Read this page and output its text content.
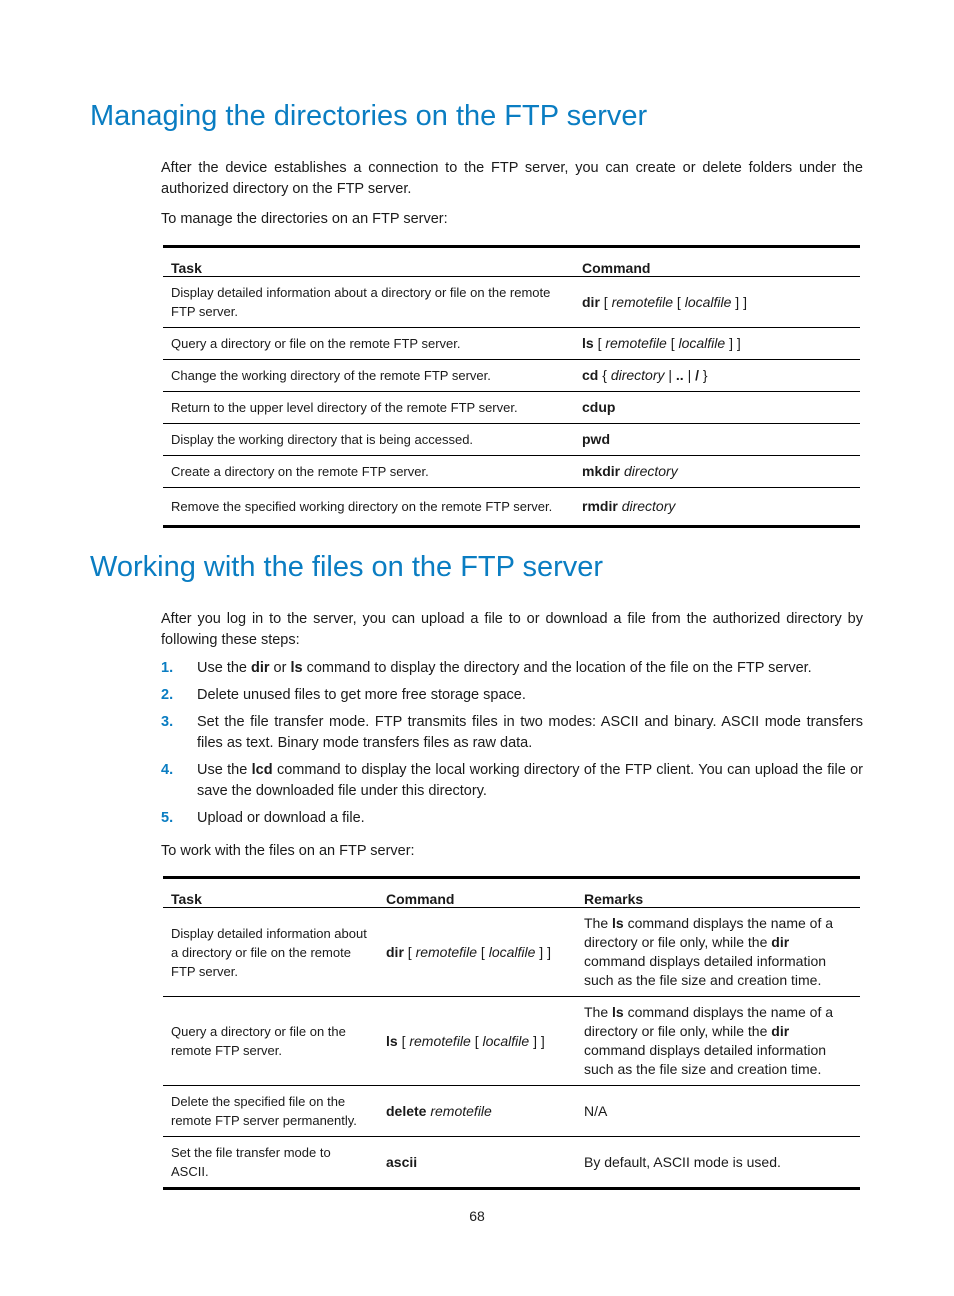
Managing the directories on the FTP server

After the device establishes a connection to the FTP server, you can create or delete folders under the authorized directory on the FTP server.

To manage the directories on an FTP server:

Task	Command
Display detailed information about a directory or file on the remote FTP server.	dir [ remotefile [ localfile ] ]
Query a directory or file on the remote FTP server.	ls [ remotefile [ localfile ] ]
Change the working directory of the remote FTP server.	cd { directory | .. | / }
Return to the upper level directory of the remote FTP server.	cdup
Display the working directory that is being accessed.	pwd
Create a directory on the remote FTP server.	mkdir directory
Remove the specified working directory on the remote FTP server.	rmdir directory
Working with the files on the FTP server

After you log in to the server, you can upload a file to or download a file from the authorized directory by following these steps:

1. Use the dir or ls command to display the directory and the location of the file on the FTP server.
2. Delete unused files to get more free storage space.
3. Set the file transfer mode. FTP transmits files in two modes: ASCII and binary. ASCII mode transfers files as text. Binary mode transfers files as raw data.
4. Use the lcd command to display the local working directory of the FTP client. You can upload the file or save the downloaded file under this directory.
5. Upload or download a file.

To work with the files on an FTP server:

Task	Command	Remarks
Display detailed information about a directory or file on the remote FTP server.	dir [ remotefile [ localfile ] ]	The ls command displays the name of a directory or file only, while the dir command displays detailed information such as the file size and creation time.
Query a directory or file on the remote FTP server.	ls [ remotefile [ localfile ] ]	The ls command displays the name of a directory or file only, while the dir command displays detailed information such as the file size and creation time.
Delete the specified file on the remote FTP server permanently.	delete remotefile	N/A
Set the file transfer mode to ASCII.	ascii	By default, ASCII mode is used.
68
